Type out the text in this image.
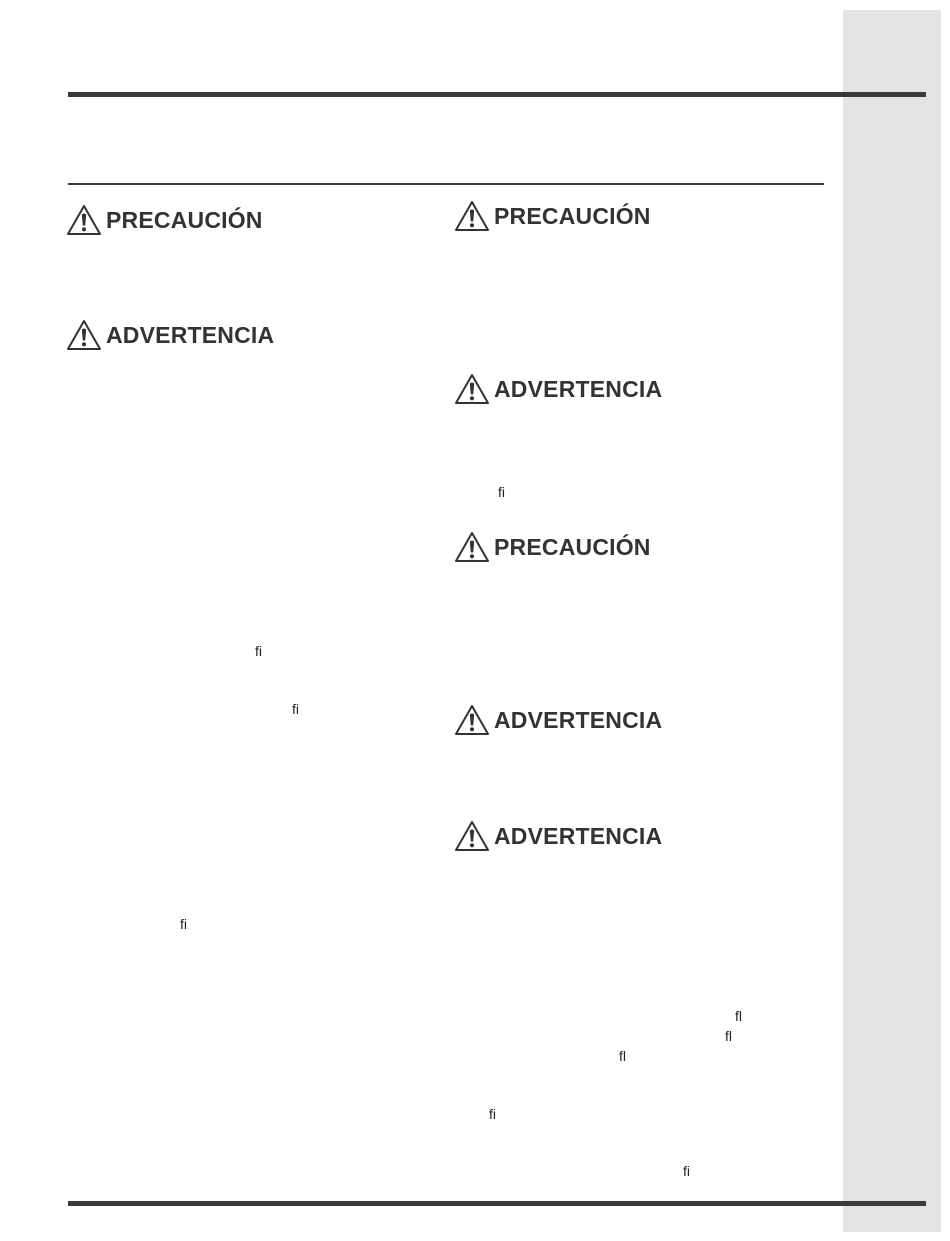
PRECAUCIÓN
ADVERTENCIA
PRECAUCIÓN
ADVERTENCIA
PRECAUCIÓN
ADVERTENCIA
ADVERTENCIA
ﬁ
ﬁ
ﬁ
ﬁ
ﬂ
ﬂ
ﬂ
ﬁ
ﬁ
